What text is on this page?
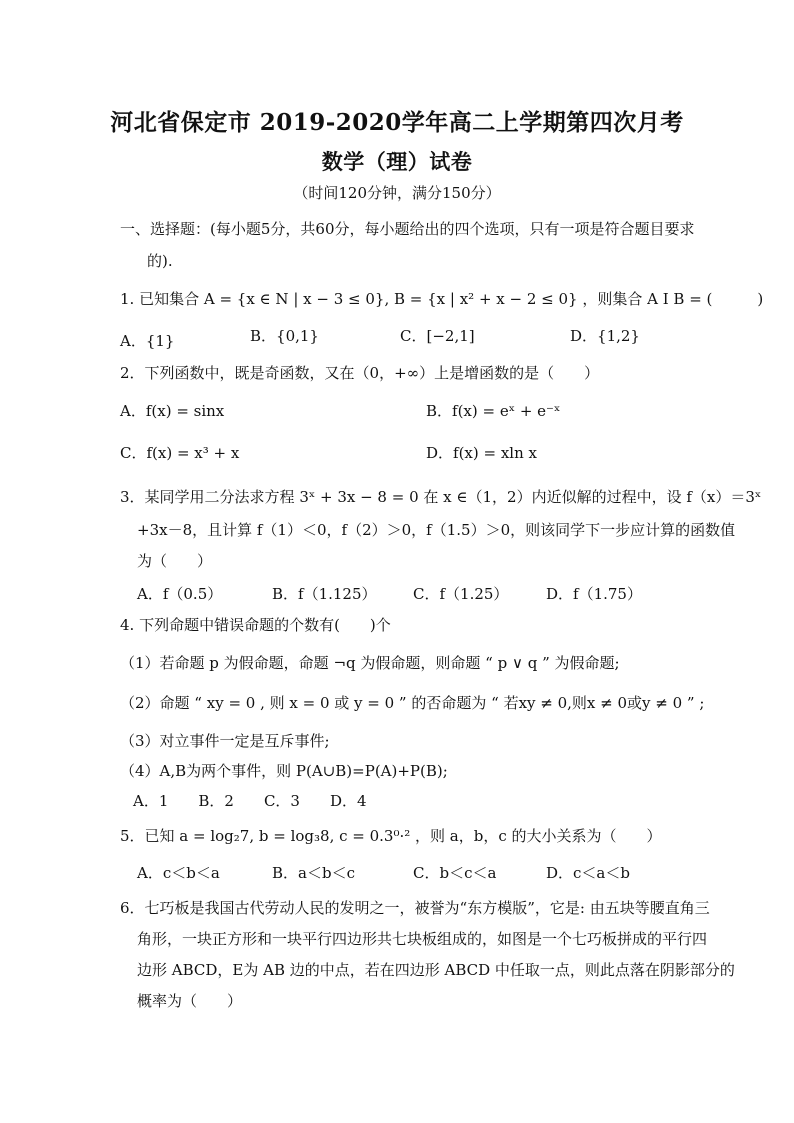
河北省保定市 2019-2020学年高二上学期第四次月考
数学（理）试卷
（时间120分钟，满分150分）
一、选择题：(每小题5分，共60分，每小题给出的四个选项，只有一项是符合题目要求
的).
1. 已知集合 A = {x ∈ N | x − 3 ≤ 0}, B = {x | x² + x − 2 ≤ 0} ，则集合 A I B = (　　　)
A．{1}	B．{0,1}	C．[−2,1]	D．{1,2}
2．下列函数中，既是奇函数，又在（0，+∞）上是增函数的是（　　）
A．f(x) = sinx	B．f(x) = eˣ + e⁻ˣ
C．f(x) = x³ + x	D．f(x) = xln x
3．某同学用二分法求方程 3ˣ + 3x − 8 = 0 在 x ∈（1，2）内近似解的过程中，设 f（x）＝3ˣ
+3x－8，且计算 f（1）＜0，f（2）＞0，f（1.5）＞0，则该同学下一步应计算的函数值
为（　　）
A．f（0.5）	B．f（1.125） C．f（1.25）	D．f（1.75）
4. 下列命题中错误命题的个数有(　　)个
（1）若命题 p 为假命题，命题 ¬q 为假命题，则命题 “ p ∨ q ” 为假命题;
（2）命题 “ xy = 0 , 则 x = 0 或 y = 0 ” 的否命题为 “ 若xy ≠ 0,则x ≠ 0或y ≠ 0 ” ;
（3）对立事件一定是互斥事件;
（4）A,B为两个事件，则 P(A∪B)=P(A)+P(B);
A．1　　B．2　　C．3　　D．4
5．已知 a = log₂7, b = log₃8, c = 0.3⁰·² ，则 a，b，c 的大小关系为（　　）
A．c＜b＜a	B．a＜b＜c	C．b＜c＜a	D．c＜a＜b
6．七巧板是我国古代劳动人民的发明之一，被誉为“东方模版”，它是: 由五块等腰直角三
角形，一块正方形和一块平行四边形共七块板组成的，如图是一个七巧板拼成的平行四
边形 ABCD，E为 AB 边的中点，若在四边形 ABCD 中任取一点，则此点落在阴影部分的
概率为（　　）
